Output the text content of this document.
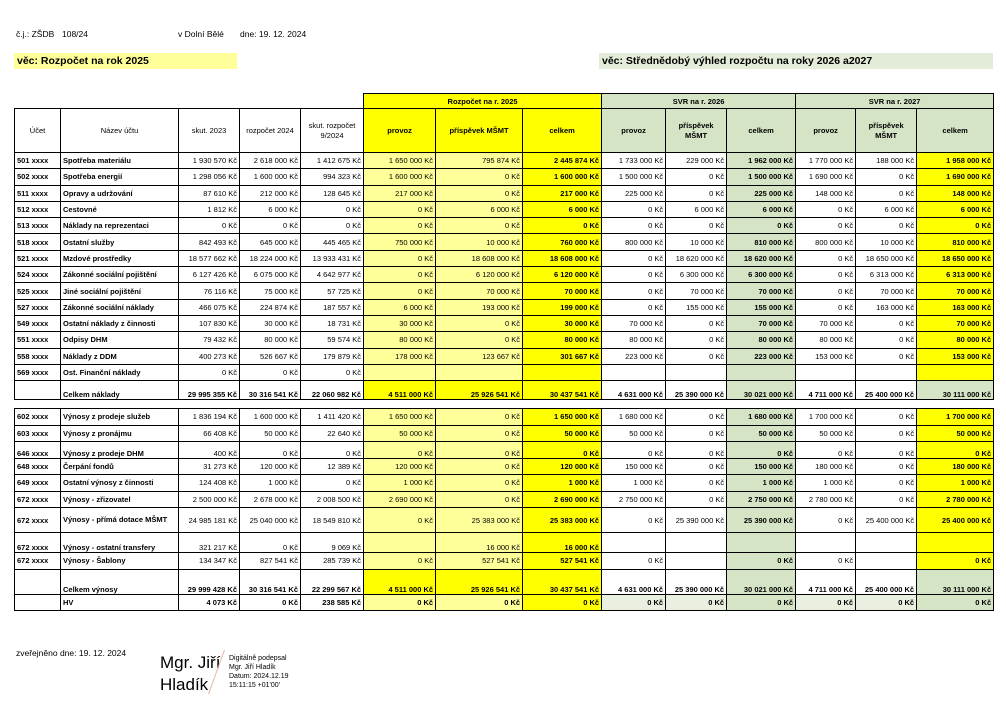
č.j.: ZŠDB 108/24	v Dolní Bělé dne: 19. 12. 2024
věc: Rozpočet na rok 2025	věc: Střednědobý výhled rozpočtu na roky 2026 a2027
					Rozpočet na r. 2025			SVR na r. 2026			SVR na r. 2027		
Účet	Název účtu	skut. 2023	rozpočet 2024	skut. rozpočet 9/2024	provoz	příspěvek MŠMT	celkem	provoz	příspěvek MŠMT	celkem	provoz	příspěvek MŠMT	celkem
501 xxxx	Spotřeba materiálu	1 930 570 Kč	2 618 000 Kč	1 412 675 Kč	1 650 000 Kč	795 874 Kč	2 445 874 Kč	1 733 000 Kč	229 000 Kč	1 962 000 Kč	1 770 000 Kč	188 000 Kč	1 958 000 Kč
502 xxxx	Spotřeba energií	1 298 056 Kč	1 600 000 Kč	994 323 Kč	1 600 000 Kč	0 Kč	1 600 000 Kč	1 500 000 Kč	0 Kč	1 500 000 Kč	1 690 000 Kč	0 Kč	1 690 000 Kč
511 xxxx	Opravy a udržování	87 610 Kč	212 000 Kč	128 645 Kč	217 000 Kč	0 Kč	217 000 Kč	225 000 Kč	0 Kč	225 000 Kč	148 000 Kč	0 Kč	148 000 Kč
512 xxxx	Cestovné	1 812 Kč	6 000 Kč	0 Kč	0 Kč	6 000 Kč	6 000 Kč	0 Kč	6 000 Kč	6 000 Kč	0 Kč	6 000 Kč	6 000 Kč
513 xxxx	Náklady na reprezentaci	0 Kč	0 Kč	0 Kč	0 Kč	0 Kč	0 Kč	0 Kč	0 Kč	0 Kč	0 Kč	0 Kč	0 Kč
518 xxxx	Ostatní služby	842 493 Kč	645 000 Kč	445 465 Kč	750 000 Kč	10 000 Kč	760 000 Kč	800 000 Kč	10 000 Kč	810 000 Kč	800 000 Kč	10 000 Kč	810 000 Kč
521 xxxx	Mzdové prostředky	18 577 662 Kč	18 224 000 Kč	13 933 431 Kč	0 Kč	18 608 000 Kč	18 608 000 Kč	0 Kč	18 620 000 Kč	18 620 000 Kč	0 Kč	18 650 000 Kč	18 650 000 Kč
524 xxxx	Zákonné sociální pojištění	6 127 426 Kč	6 075 000 Kč	4 642 977 Kč	0 Kč	6 120 000 Kč	6 120 000 Kč	0 Kč	6 300 000 Kč	6 300 000 Kč	0 Kč	6 313 000 Kč	6 313 000 Kč
525 xxxx	Jiné sociální pojištění	76 116 Kč	75 000 Kč	57 725 Kč	0 Kč	70 000 Kč	70 000 Kč	0 Kč	70 000 Kč	70 000 Kč	0 Kč	70 000 Kč	70 000 Kč
527 xxxx	Zákonné sociální náklady	466 075 Kč	224 874 Kč	187 557 Kč	6 000 Kč	193 000 Kč	199 000 Kč	0 Kč	155 000 Kč	155 000 Kč	0 Kč	163 000 Kč	163 000 Kč
549 xxxx	Ostatní náklady z činnosti	107 830 Kč	30 000 Kč	18 731 Kč	30 000 Kč	0 Kč	30 000 Kč	70 000 Kč	0 Kč	70 000 Kč	70 000 Kč	0 Kč	70 000 Kč
551 xxxx	Odpisy DHM	79 432 Kč	80 000 Kč	59 574 Kč	80 000 Kč	0 Kč	80 000 Kč	80 000 Kč	0 Kč	80 000 Kč	80 000 Kč	0 Kč	80 000 Kč
558 xxxx	Náklady z DDM	400 273 Kč	526 667 Kč	179 879 Kč	178 000 Kč	123 667 Kč	301 667 Kč	223 000 Kč	0 Kč	223 000 Kč	153 000 Kč	0 Kč	153 000 Kč
569 xxxx	Ost. Finanční náklady	0 Kč	0 Kč	0 Kč									
	Celkem náklady	29 995 355 Kč	30 316 541 Kč	22 060 982 Kč	4 511 000 Kč	25 926 541 Kč	30 437 541 Kč	4 631 000 Kč	25 390 000 Kč	30 021 000 Kč	4 711 000 Kč	25 400 000 Kč	30 111 000 Kč

602 xxxx	Výnosy z prodeje služeb	1 836 194 Kč	1 600 000 Kč	1 411 420 Kč	1 650 000 Kč	0 Kč	1 650 000 Kč	1 680 000 Kč	0 Kč	1 680 000 Kč	1 700 000 Kč	0 Kč	1 700 000 Kč
603 xxxx	Výnosy z pronájmu	66 408 Kč	50 000 Kč	22 640 Kč	50 000 Kč	0 Kč	50 000 Kč	50 000 Kč	0 Kč	50 000 Kč	50 000 Kč	0 Kč	50 000 Kč
646 xxxx	Výnosy z prodeje DHM	400 Kč	0 Kč	0 Kč	0 Kč	0 Kč	0 Kč	0 Kč	0 Kč	0 Kč	0 Kč	0 Kč	0 Kč
648 xxxx	Čerpání fondů	31 273 Kč	120 000 Kč	12 389 Kč	120 000 Kč	0 Kč	120 000 Kč	150 000 Kč	0 Kč	150 000 Kč	180 000 Kč	0 Kč	180 000 Kč
649 xxxx	Ostatní výnosy z činnosti	124 408 Kč	1 000 Kč	0 Kč	1 000 Kč	0 Kč	1 000 Kč	1 000 Kč	0 Kč	1 000 Kč	1 000 Kč	0 Kč	1 000 Kč
672 xxxx	Výnosy - zřizovatel	2 500 000 Kč	2 678 000 Kč	2 008 500 Kč	2 690 000 Kč	0 Kč	2 690 000 Kč	2 750 000 Kč	0 Kč	2 750 000 Kč	2 780 000 Kč	0 Kč	2 780 000 Kč
672 xxxx	Výnosy - přímá dotace MŠMT	24 985 181 Kč	25 040 000 Kč	18 549 810 Kč	0 Kč	25 383 000 Kč	25 383 000 Kč	0 Kč	25 390 000 Kč	25 390 000 Kč	0 Kč	25 400 000 Kč	25 400 000 Kč
672 xxxx	Výnosy - ostatní transfery	321 217 Kč	0 Kč	9 069 Kč		16 000 Kč	16 000 Kč						
672 xxxx	Výnosy - Šablony	134 347 Kč	827 541 Kč	285 739 Kč	0 Kč	527 541 Kč	527 541 Kč	0 Kč		0 Kč	0 Kč		0 Kč
	Celkem výnosy	29 999 428 Kč	30 316 541 Kč	22 299 567 Kč	4 511 000 Kč	25 926 541 Kč	30 437 541 Kč	4 631 000 Kč	25 390 000 Kč	30 021 000 Kč	4 711 000 Kč	25 400 000 Kč	30 111 000 Kč
	HV	4 073 Kč	0 Kč	238 585 Kč	0 Kč	0 Kč	0 Kč	0 Kč	0 Kč	0 Kč	0 Kč	0 Kč	0 Kč
zveřejněno dne: 19. 12. 2024 Mgr. Jiří
Hladík
Digitálně podepsal
Mgr. Jiří Hladík
Datum: 2024.12.19
15:11:15 +01'00'
